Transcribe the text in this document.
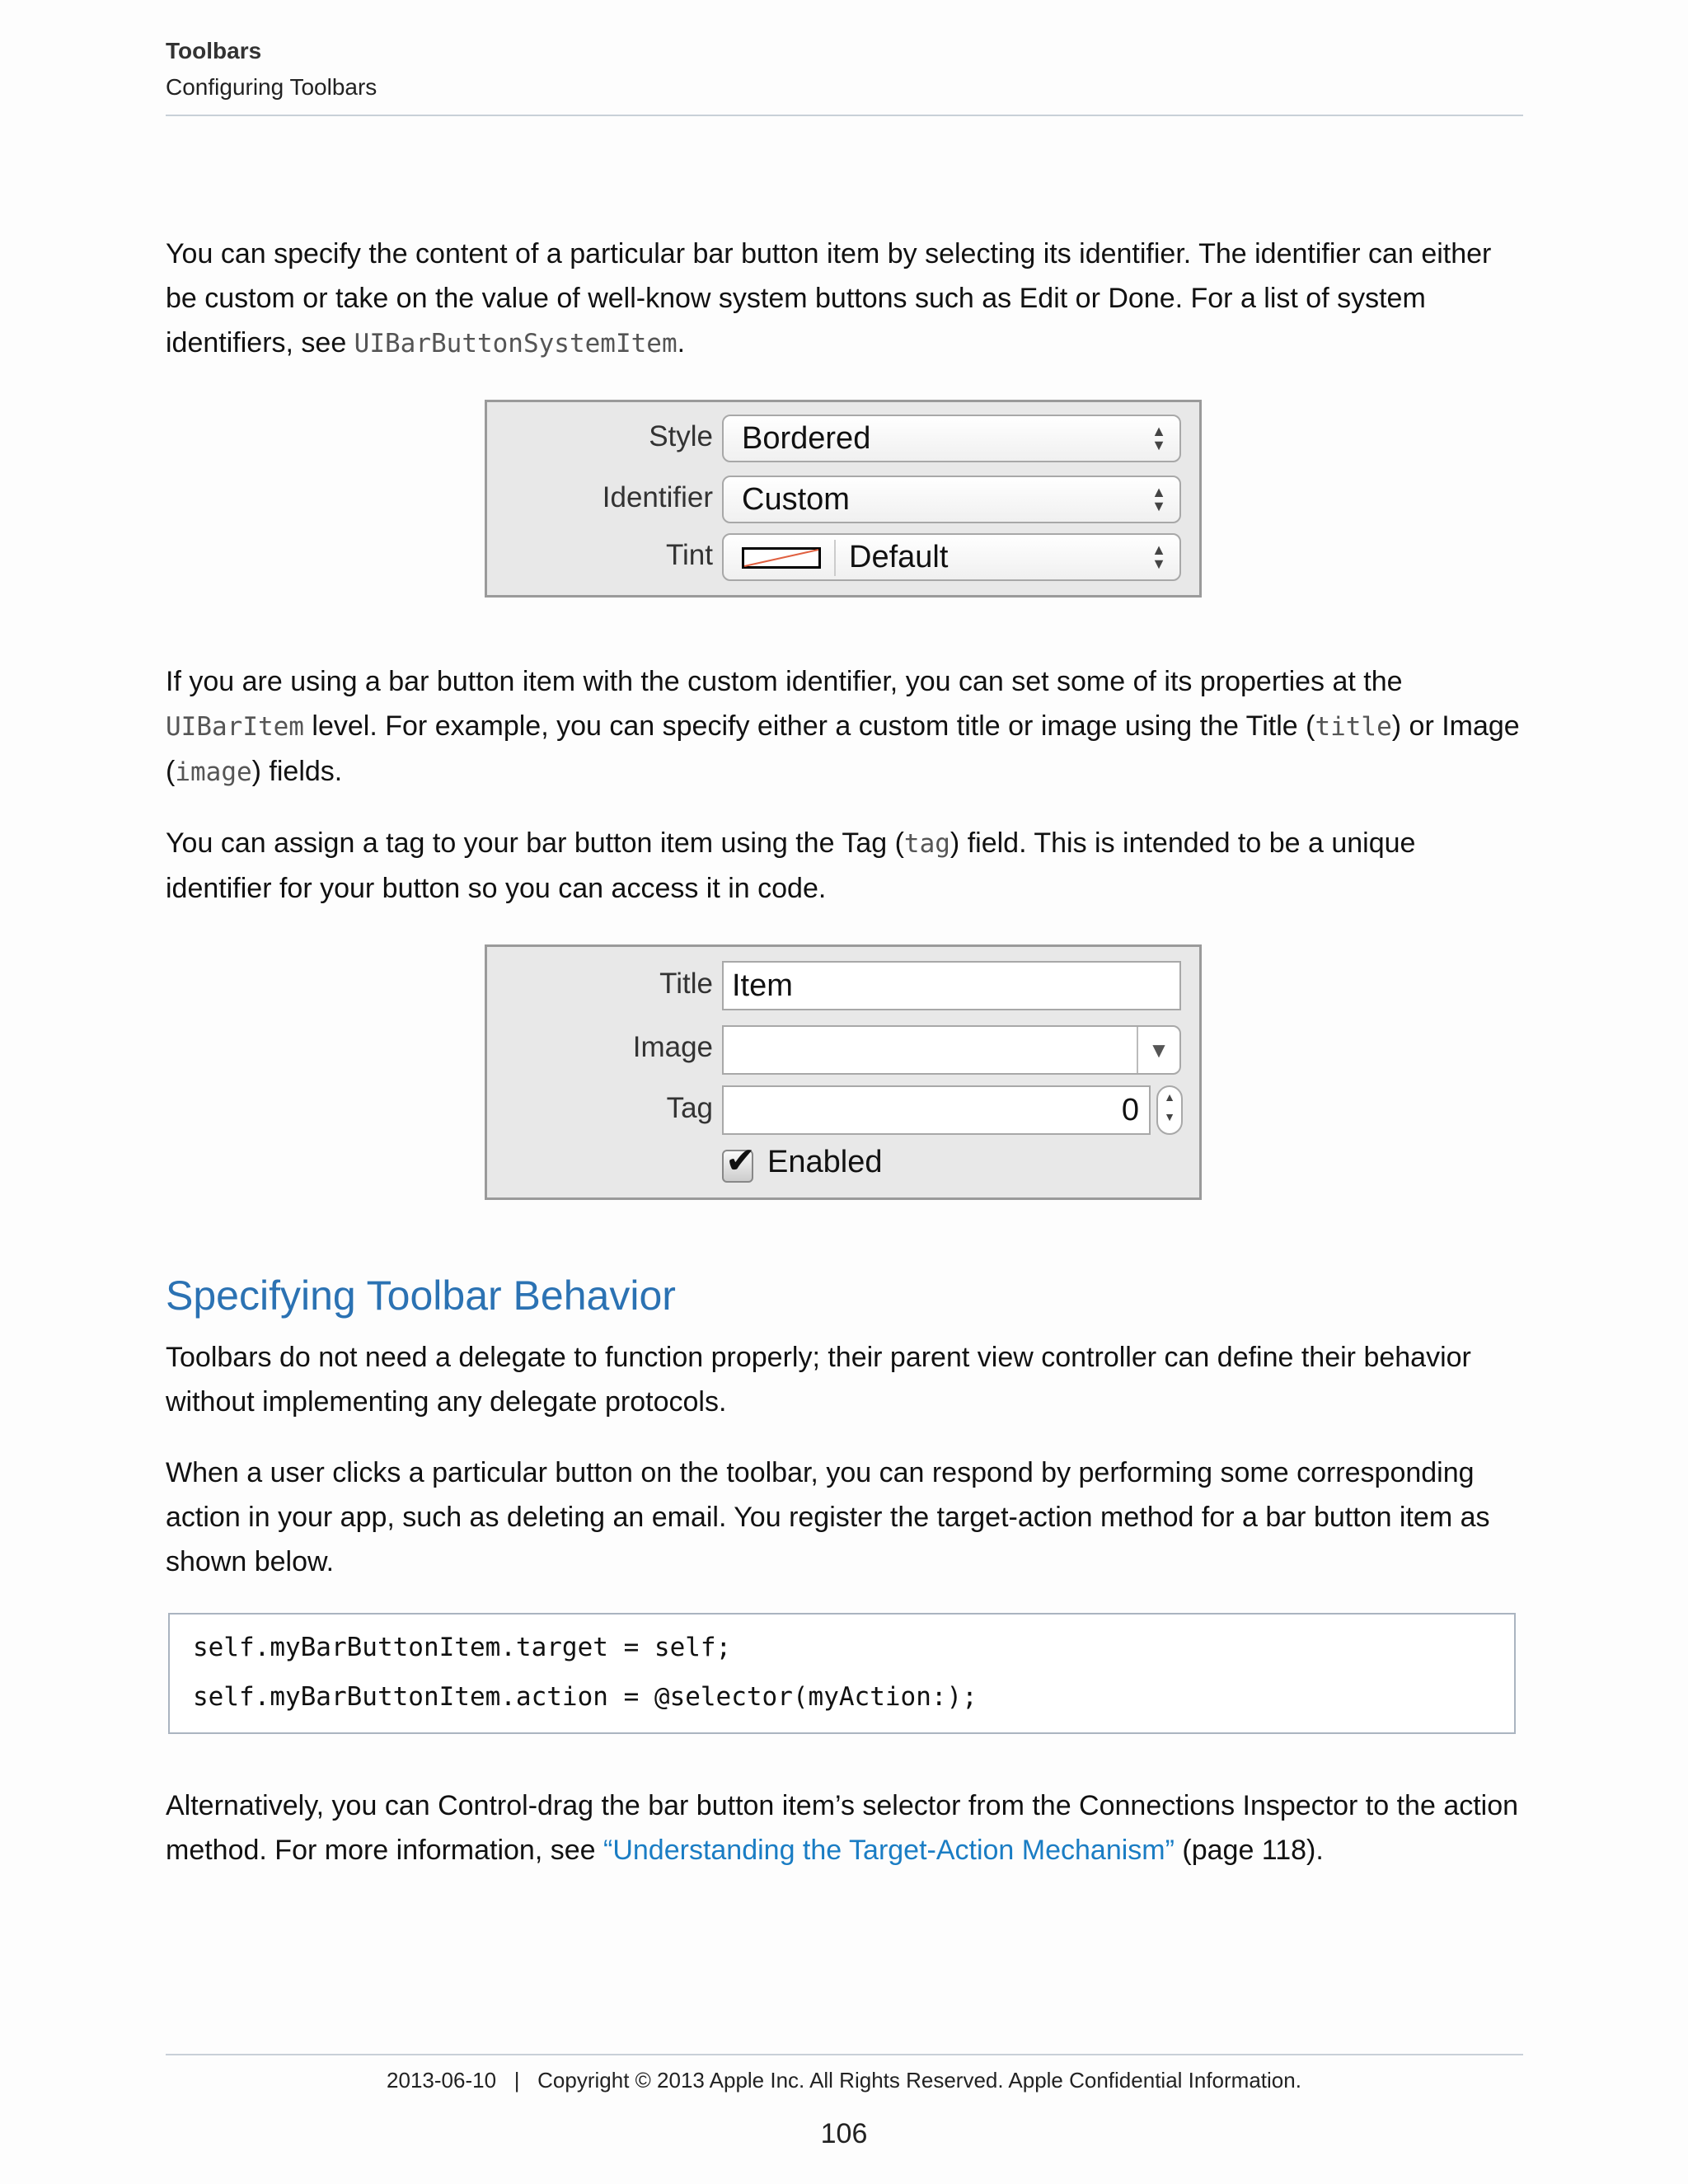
Toolbars
Configuring Toolbars

You can specify the content of a particular bar button item by selecting its identifier. The identifier can either be custom or take on the value of well-know system buttons such as Edit or Done. For a list of system identifiers, see UIBarButtonSystemItem.

Style Bordered	▲
▼
Identifier Custom	▲
▼
Tint	Default	▲
▼

If you are using a bar button item with the custom identifier, you can set some of its properties at the UIBarItem level. For example, you can specify either a custom title or image using the Title (title) or Image (image) fields.

You can assign a tag to your bar button item using the Tag (tag) field. This is intended to be a unique identifier for your button so you can access it in code.

Title Item
Image	▼
Tag	0	▲
▼
✔ Enabled
Specifying Toolbar Behavior

Toolbars do not need a delegate to function properly; their parent view controller can define their behavior without implementing any delegate protocols.

When a user clicks a particular button on the toolbar, you can respond by performing some corresponding action in your app, such as deleting an email. You register the target-action method for a bar button item as shown below.

self.myBarButtonItem.target = self;
self.myBarButtonItem.action = @selector(myAction:);

Alternatively, you can Control-drag the bar button item’s selector from the Connections Inspector to the action method. For more information, see “Understanding the Target-Action Mechanism” (page 118).

2013-06-10   |   Copyright © 2013 Apple Inc. All Rights Reserved. Apple Confidential Information.
106
